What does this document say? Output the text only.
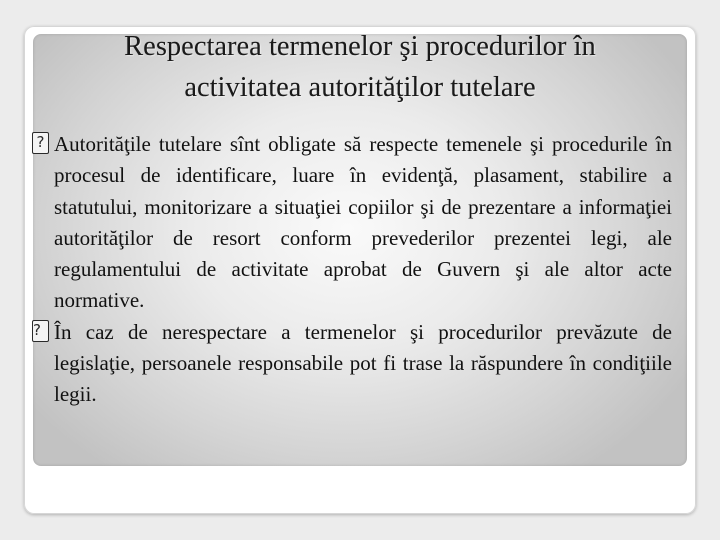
Respectarea termenelor şi procedurilor în
activitatea autorităţilor tutelare

? Autorităţile tutelare sînt obligate să respecte temenele şi procedurile în procesul de identificare, luare în evidenţă, plasament, stabilire a statutului, monitorizare a situaţiei copiilor şi de prezentare a informaţiei autorităţilor de resort conform prevederilor prezentei legi, ale regulamentului de activitate aprobat de Guvern şi ale altor acte normative.

? În caz de nerespectare a termenelor şi procedurilor prevăzute de legislaţie, persoanele responsabile pot fi trase la răspundere în condiţiile legii.
